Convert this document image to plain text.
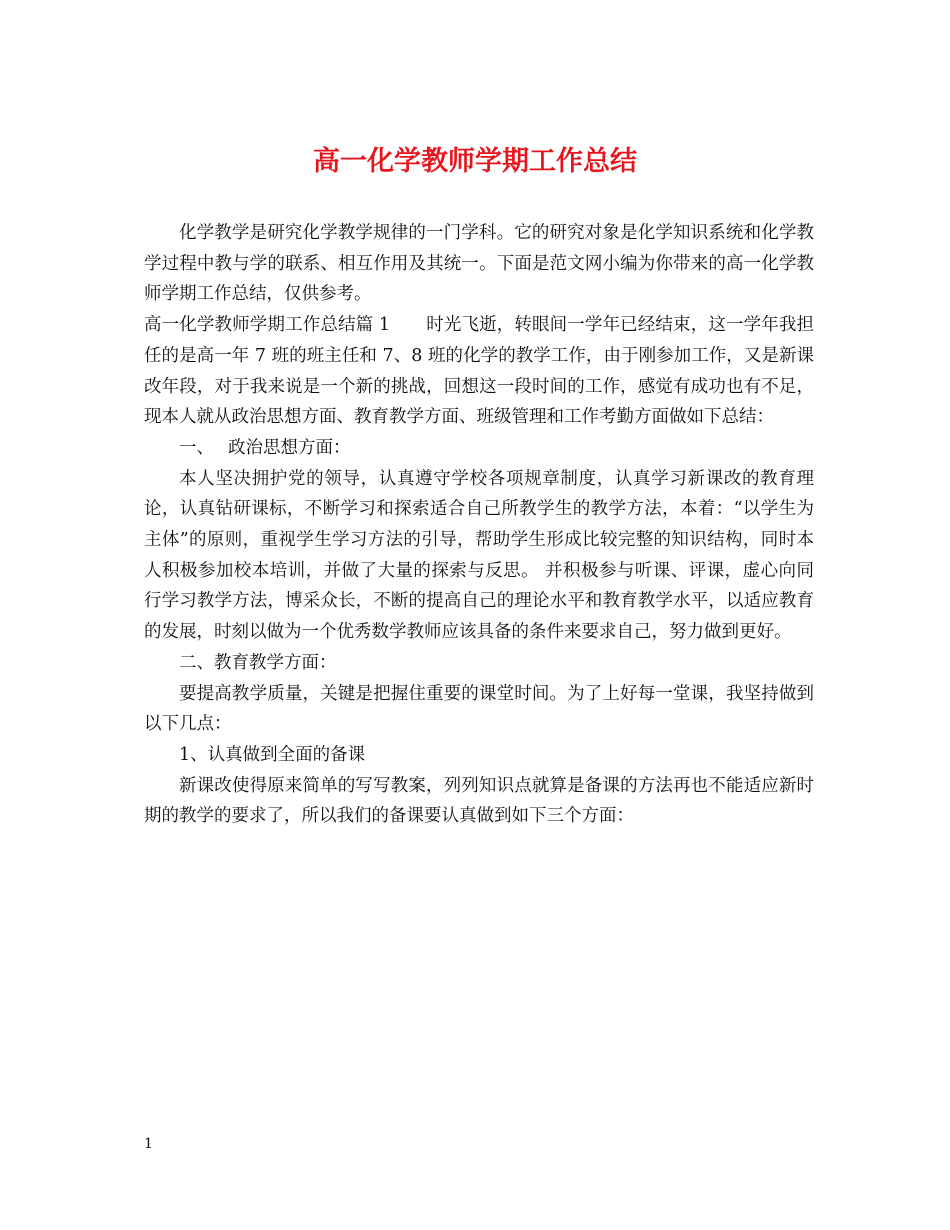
高一化学教师学期工作总结

化学教学是研究化学教学规律的一门学科。它的研究对象是化学知识系统和化学教学过程中教与学的联系、相互作用及其统一。下面是范文网小编为你带来的高一化学教师学期工作总结，仅供参考。

高一化学教师学期工作总结篇 1 时光飞逝，转眼间一学年已经结束，这一学年我担任的是高一年 7 班的班主任和 7、8 班的化学的教学工作，由于刚参加工作，又是新课改年段，对于我来说是一个新的挑战，回想这一段时间的工作，感觉有成功也有不足，现本人就从政治思想方面、教育教学方面、班级管理和工作考勤方面做如下总结：

一、 政治思想方面：

本人坚决拥护党的领导，认真遵守学校各项规章制度，认真学习新课改的教育理论，认真钻研课标，不断学习和探索适合自己所教学生的教学方法，本着：“以学生为主体”的原则，重视学生学习方法的引导，帮助学生形成比较完整的知识结构，同时本人积极参加校本培训，并做了大量的探索与反思。 并积极参与听课、评课，虚心向同行学习教学方法，博采众长，不断的提高自己的理论水平和教育教学水平，以适应教育的发展，时刻以做为一个优秀数学教师应该具备的条件来要求自己，努力做到更好。

二、教育教学方面：

要提高教学质量，关键是把握住重要的课堂时间。为了上好每一堂课，我坚持做到以下几点：

1、认真做到全面的备课

新课改使得原来简单的写写教案，列列知识点就算是备课的方法再也不能适应新时期的教学的要求了，所以我们的备课要认真做到如下三个方面：

1
